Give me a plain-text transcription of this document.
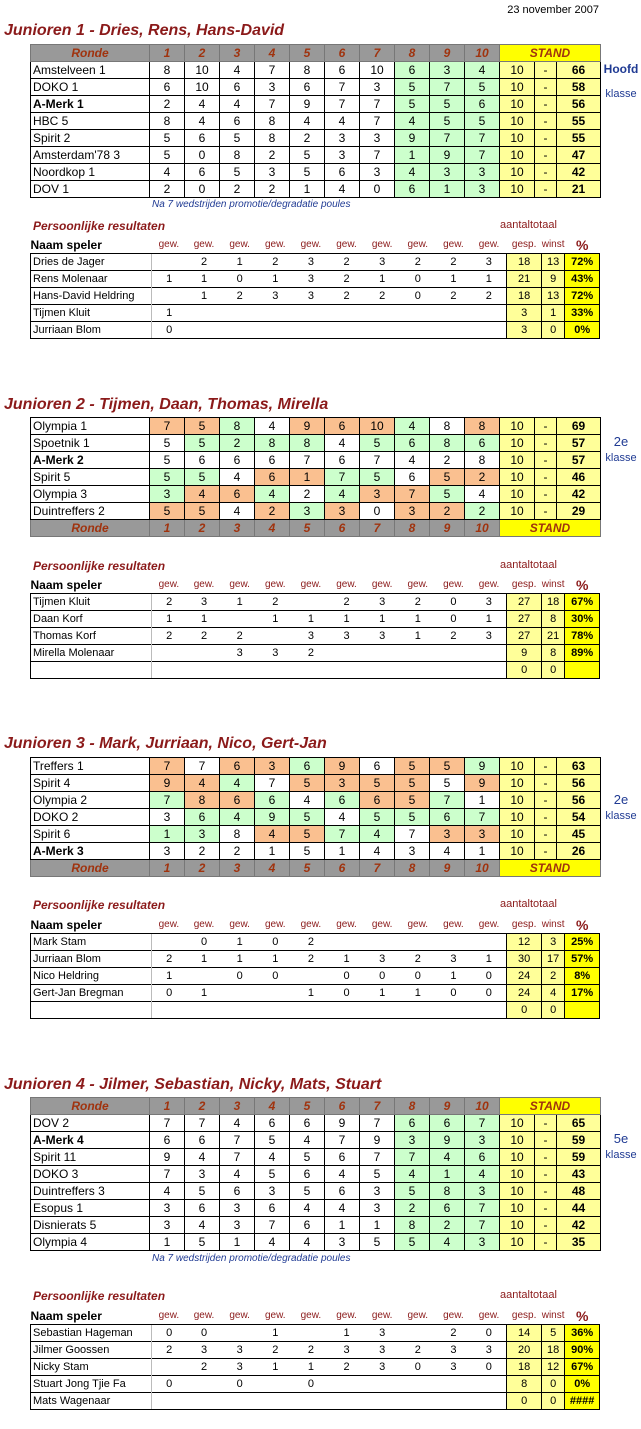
23 november 2007
Junioren 1 - Dries, Rens, Hans-David
Ronde	1	2	3	4	5	6	7	8	9	10	STAND		
Amstelveen 1	8	10	4	7	8	6	10	6	3	4	10	-	66
DOKO 1	6	10	6	3	6	7	3	5	7	5	10	-	58
A-Merk 1	2	4	4	7	9	7	7	5	5	6	10	-	56
HBC 5	8	4	6	8	4	4	7	4	5	5	10	-	55
Spirit 2	5	6	5	8	2	3	3	9	7	7	10	-	55
Amsterdam'78 3	5	0	8	2	5	3	7	1	9	7	10	-	47
Noordkop 1	4	6	5	3	5	6	3	4	3	3	10	-	42
DOV 1	2	0	2	2	1	4	0	6	1	3	10	-	21
Hoofd
klasse
Na 7 wedstrijden promotie/degradatie poules
Persoonlijke resultaten	aantaltotaal
Naam speler	gew.	gew.	gew.	gew.	gew.	gew.	gew.	gew.	gew.	gew.	gesp.	winst	%
Dries de Jager		2	1	2	3	2	3	2	2	3	18	13	72%
Rens Molenaar	1	1	0	1	3	2	1	0	1	1	21	9	43%
Hans-David Heldring		1	2	3	3	2	2	0	2	2	18	13	72%
Tijmen Kluit	1										3	1	33%
Jurriaan Blom	0										3	0	0%
Junioren 2 - Tijmen, Daan, Thomas, Mirella
Olympia 1	7	5	8	4	9	6	10	4	8	8	10	-	69
Spoetnik 1	5	5	2	8	8	4	5	6	8	6	10	-	57
A-Merk 2	5	6	6	6	7	6	7	4	2	8	10	-	57
Spirit 5	5	5	4	6	1	7	5	6	5	2	10	-	46
Olympia 3	3	4	6	4	2	4	3	7	5	4	10	-	42
Duintreffers 2	5	5	4	2	3	3	0	3	2	2	10	-	29
Ronde	1	2	3	4	5	6	7	8	9	10	STAND		
2e
klasse
Persoonlijke resultaten	aantaltotaal
Naam speler	gew.	gew.	gew.	gew.	gew.	gew.	gew.	gew.	gew.	gew.	gesp.	winst	%
Tijmen Kluit	2	3	1	2		2	3	2	0	3	27	18	67%
Daan Korf	1	1		1	1	1	1	1	0	1	27	8	30%
Thomas Korf	2	2	2		3	3	3	1	2	3	27	21	78%
Mirella Molenaar			3	3	2						9	8	89%
											0	0	
Junioren 3 - Mark, Jurriaan, Nico, Gert-Jan
Treffers 1	7	7	6	3	6	9	6	5	5	9	10	-	63
Spirit 4	9	4	4	7	5	3	5	5	5	9	10	-	56
Olympia 2	7	8	6	6	4	6	6	5	7	1	10	-	56
DOKO 2	3	6	4	9	5	4	5	5	6	7	10	-	54
Spirit 6	1	3	8	4	5	7	4	7	3	3	10	-	45
A-Merk 3	3	2	2	1	5	1	4	3	4	1	10	-	26
Ronde	1	2	3	4	5	6	7	8	9	10	STAND		
2e
klasse
Persoonlijke resultaten	aantaltotaal
Naam speler	gew.	gew.	gew.	gew.	gew.	gew.	gew.	gew.	gew.	gew.	gesp.	winst	%
Mark Stam		0	1	0	2						12	3	25%
Jurriaan Blom	2	1	1	1	2	1	3	2	3	1	30	17	57%
Nico Heldring	1		0	0		0	0	0	1	0	24	2	8%
Gert-Jan Bregman	0	1			1	0	1	1	0	0	24	4	17%
											0	0	
Junioren 4 - Jilmer, Sebastian, Nicky, Mats, Stuart
Ronde	1	2	3	4	5	6	7	8	9	10	STAND		
DOV 2	7	7	4	6	6	9	7	6	6	7	10	-	65
A-Merk 4	6	6	7	5	4	7	9	3	9	3	10	-	59
Spirit 11	9	4	7	4	5	6	7	7	4	6	10	-	59
DOKO 3	7	3	4	5	6	4	5	4	1	4	10	-	43
Duintreffers 3	4	5	6	3	5	6	3	5	8	3	10	-	48
Esopus 1	3	6	3	6	4	4	3	2	6	7	10	-	44
Disnierats 5	3	4	3	7	6	1	1	8	2	7	10	-	42
Olympia 4	1	5	1	4	4	3	5	5	4	3	10	-	35
5e
klasse
Na 7 wedstrijden promotie/degradatie poules
Persoonlijke resultaten	aantaltotaal
Naam speler	gew.	gew.	gew.	gew.	gew.	gew.	gew.	gew.	gew.	gew.	gesp.	winst	%
Sebastian Hageman	0	0		1		1	3		2	0	14	5	36%
Jilmer Goossen	2	3	3	2	2	3	3	2	3	3	20	18	90%
Nicky Stam		2	3	1	1	2	3	0	3	0	18	12	67%
Stuart Jong Tjie Fa	0		0		0						8	0	0%
Mats Wagenaar											0	0	####
